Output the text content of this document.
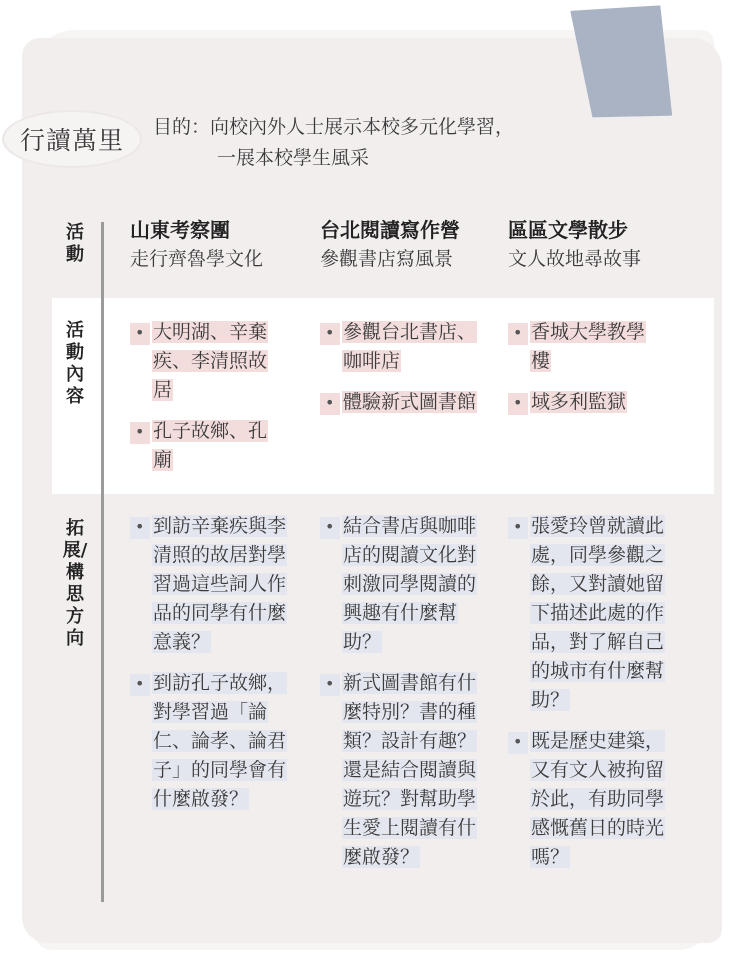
行讀萬里 目的：向校內外人士展示本校多元化學習，
一展本校學生風采
活動
活動內容
拓展/構思方向
山東考察團
走行齊魯學文化
• 大明湖、辛棄疾、李清照故居
• 孔子故鄉、孔廟
• 到訪辛棄疾與李清照的故居對學習過這些詞人作品的同學有什麼意義？
• 到訪孔子故鄉，對學習過「論仁、論孝、論君子」的同學會有什麼啟發？
台北閱讀寫作營
參觀書店寫風景
• 參觀台北書店、咖啡店
• 體驗新式圖書館
• 結合書店與咖啡店的閱讀文化對刺激同學閱讀的興趣有什麼幫助？
• 新式圖書館有什麼特別？書的種類？設計有趣？還是結合閱讀與遊玩？對幫助學生愛上閱讀有什麼啟發？
區區文學散步
文人故地尋故事
• 香城大學教學樓
• 域多利監獄
• 張愛玲曾就讀此處，同學參觀之餘，又對讀她留下描述此處的作品，對了解自己的城市有什麼幫助？
• 既是歷史建築，又有文人被拘留於此，有助同學感慨舊日的時光嗎？
